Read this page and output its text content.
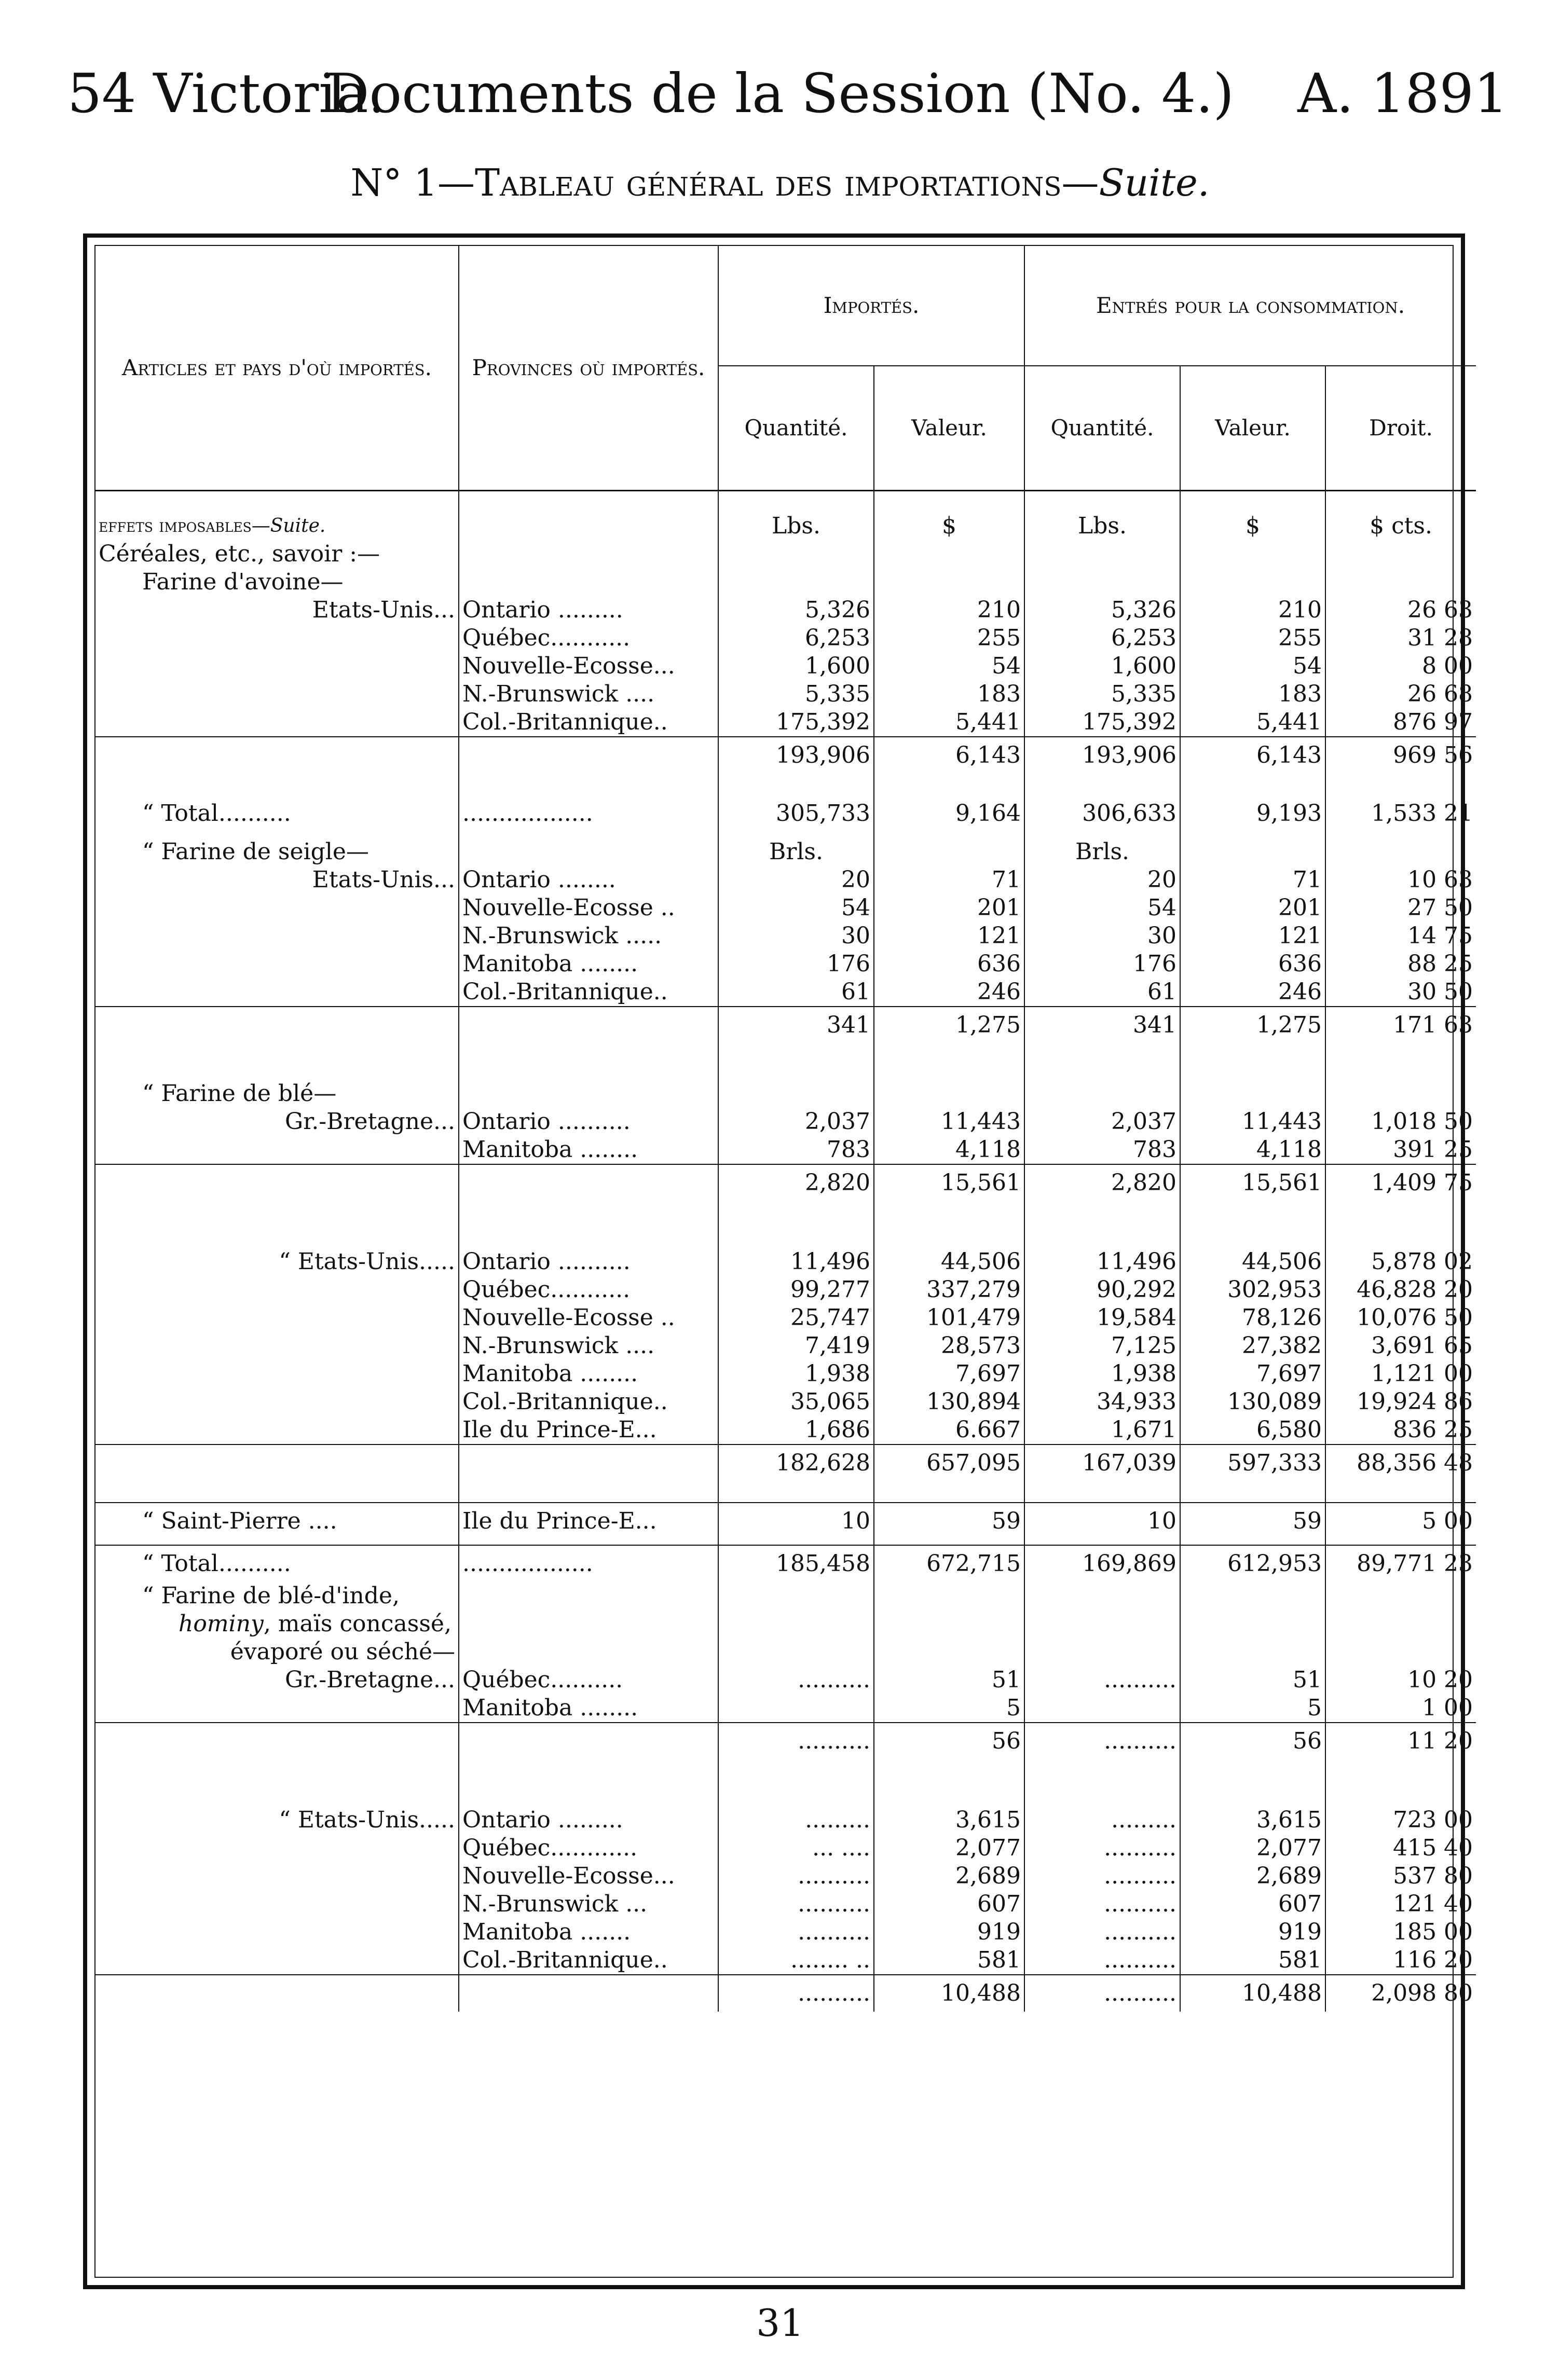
54 Victoria.
Documents de la Session (No. 4.)	A. 1891
N° 1—Tableau général des importations—Suite.
Articles et pays d'où importés.	Provinces où importés.	Importés.		Entrés pour la consommation.		
		Quantité.	Valeur.	Quantité.	Valeur.	Droit.
effets imposables—Suite.		Lbs.	$	Lbs.	$	$ cts.
Céréales, etc., savoir :—						
Farine d'avoine—						
Etats-Unis...	Ontario .........	5,326	210	5,326	210	26 63
	Québec...........	6,253	255	6,253	255	31 28
	Nouvelle-Ecosse...	1,600	54	1,600	54	8 00
	N.-Brunswick ....	5,335	183	5,335	183	26 68
	Col.-Britannique..	175,392	5,441	175,392	5,441	876 97

		193,906	6,143	193,906	6,143	969 56

“ Total..........	..................	305,733	9,164	306,633	9,193	1,533 21

“ Farine de seigle—		Brls.		Brls.		
Etats-Unis...	Ontario ........	20	71	20	71	10 63
	Nouvelle-Ecosse ..	54	201	54	201	27 50
	N.-Brunswick .....	30	121	30	121	14 75
	Manitoba ........	176	636	176	636	88 25
	Col.-Britannique..	61	246	61	246	30 50
		341	1,275	341	1,275	171 63

“ Farine de blé—						
Gr.-Bretagne...	Ontario ..........	2,037	11,443	2,037	11,443	1,018 50
	Manitoba ........	783	4,118	783	4,118	391 25
		2,820	15,561	2,820	15,561	1,409 75

“ Etats-Unis.....	Ontario ..........	11,496	44,506	11,496	44,506	5,878 02
	Québec...........	99,277	337,279	90,292	302,953	46,828 20
	Nouvelle-Ecosse ..	25,747	101,479	19,584	78,126	10,076 50
	N.-Brunswick ....	7,419	28,573	7,125	27,382	3,691 65
	Manitoba ........	1,938	7,697	1,938	7,697	1,121 00
	Col.-Britannique..	35,065	130,894	34,933	130,089	19,924 86
	Ile du Prince-E...	1,686	6.667	1,671	6,580	836 25
		182,628	657,095	167,039	597,333	88,356 48

“ Saint-Pierre ....	Ile du Prince-E...	10	59	10	59	5 00

“ Total..........	..................	185,458	672,715	169,869	612,953	89,771 23
“ Farine de blé-d'inde,						
hominy, maïs concassé,						
évaporé ou séché—						
Gr.-Bretagne...	Québec..........	..........	51	..........	51	10 20
	Manitoba ........		5		5	1 00
		..........	56	..........	56	11 20

“ Etats-Unis.....	Ontario .........	.........	3,615	.........	3,615	723 00
	Québec............	... ....	2,077	..........	2,077	415 40
	Nouvelle-Ecosse...	..........	2,689	..........	2,689	537 80
	N.-Brunswick ...	..........	607	..........	607	121 40
	Manitoba .......	..........	919	..........	919	185 00
	Col.-Britannique..	........ ..	581	..........	581	116 20
		..........	10,488	..........	10,488	2,098 80
31
